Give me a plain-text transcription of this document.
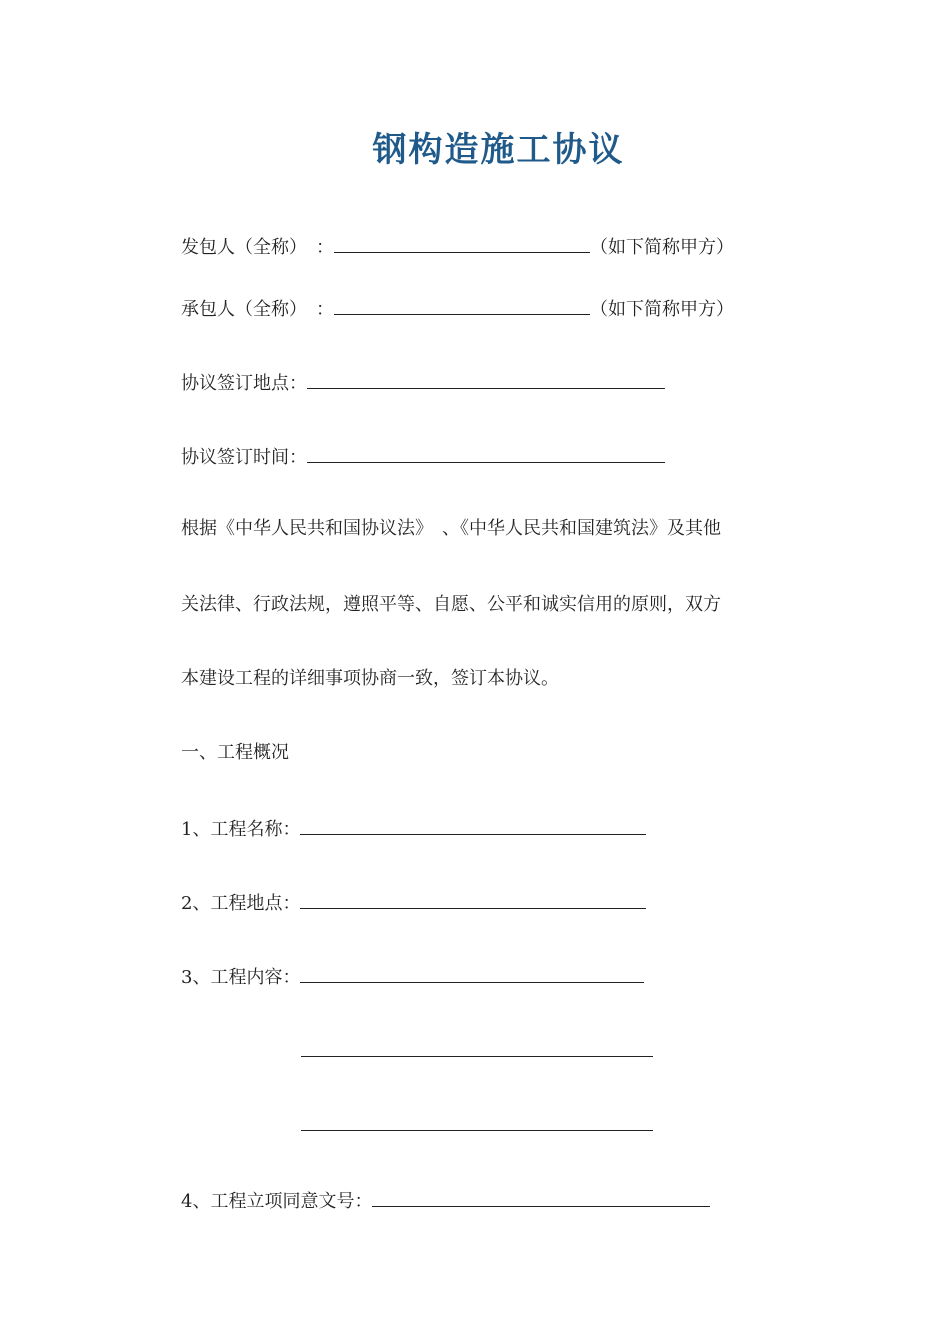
钢构造施工协议
发包人（全称）　：	（如下简称甲方）
承包人（全称）　：	（如下简称甲方）
协议签订地点：
协议签订时间：
根据《中华人民共和国协议法》　、《中华人民共和国建筑法》及其他
关法律、行政法规，遵照平等、自愿、公平和诚实信用的原则，双方
本建设工程的详细事项协商一致，签订本协议。
一、工程概况
1、工程名称：
2、工程地点：
3、工程内容：
4、工程立项同意文号：
